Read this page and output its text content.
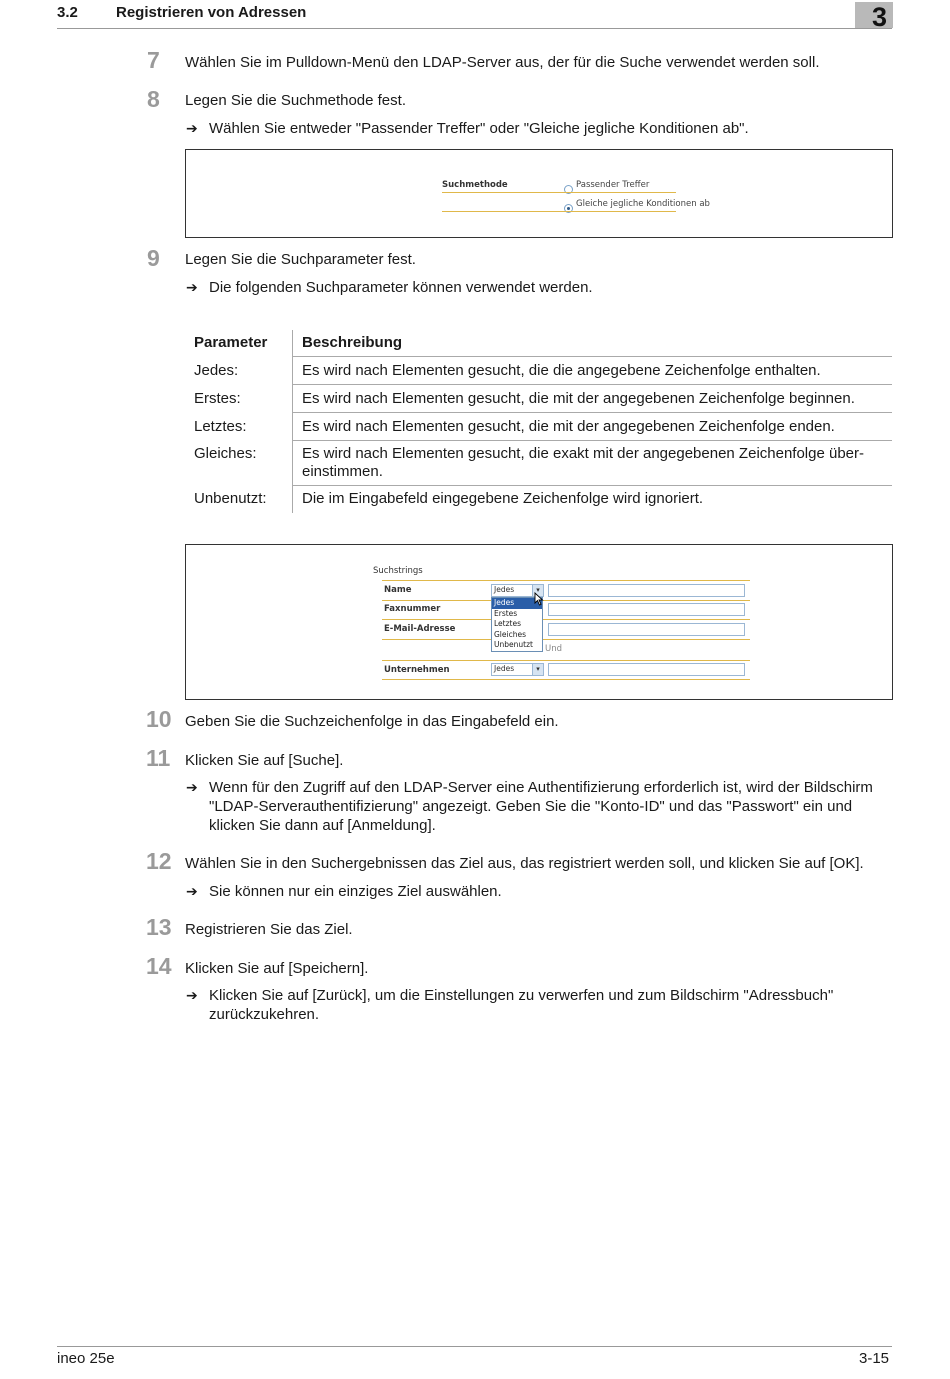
3.2	Registrieren von Adressen	3
7 Wählen Sie im Pulldown-Menü den LDAP-Server aus, der für die Suche verwendet werden soll.
8 Legen Sie die Suchmethode fest.
➔ Wählen Sie entweder "Passender Treffer" oder "Gleiche jegliche Konditionen ab".
Suchmethode	Passender Treffer
Gleiche jegliche Konditionen ab
9 Legen Sie die Suchparameter fest.
➔ Die folgenden Suchparameter können verwendet werden.
Parameter Beschreibung
Jedes:	Es wird nach Elementen gesucht, die die angegebene Zeichenfolge enthalten.
Erstes:	Es wird nach Elementen gesucht, die mit der angegebenen Zeichenfolge beginnen.
Letztes:	Es wird nach Elementen gesucht, die mit der angegebenen Zeichenfolge enden.
Gleiches:	Es wird nach Elementen gesucht, die exakt mit der angegebenen Zeichenfolge über-
einstimmen.
Unbenutzt: Die im Eingabefeld eingegebene Zeichenfolge wird ignoriert.
Suchstrings
Name	Jedes	▾
Faxnummer
E-Mail-Adresse
Jedes
Erstes
Letztes
Gleiches
Unbenutzt	Und
Unternehmen	Jedes	▾
10 Geben Sie die Suchzeichenfolge in das Eingabefeld ein.
11 Klicken Sie auf [Suche].
➔ Wenn für den Zugriff auf den LDAP-Server eine Authentifizierung erforderlich ist, wird der Bildschirm
"LDAP-Serverauthentifizierung" angezeigt. Geben Sie die "Konto-ID" und das "Passwort" ein und
klicken Sie dann auf [Anmeldung].
12 Wählen Sie in den Suchergebnissen das Ziel aus, das registriert werden soll, und klicken Sie auf [OK].
➔ Sie können nur ein einziges Ziel auswählen.
13 Registrieren Sie das Ziel.
14 Klicken Sie auf [Speichern].
➔ Klicken Sie auf [Zurück], um die Einstellungen zu verwerfen und zum Bildschirm "Adressbuch"
zurückzukehren.
ineo 25e	3-15
